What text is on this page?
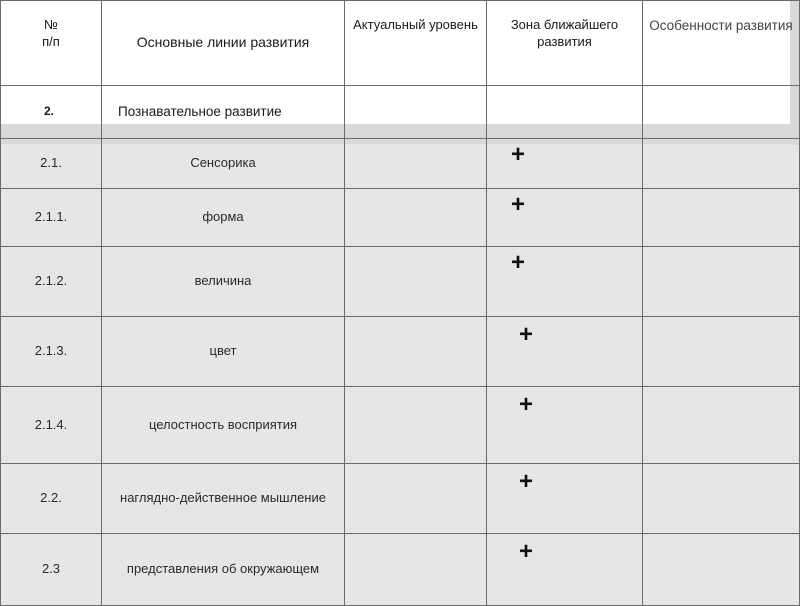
№
п/п	Основные линии развития	Актуальный уровень	Зона ближайшего развития	Особенности развития
2.	Познавательное развитие			
2.1.	Сенсорика		+	

2.1.1.	форма		+	

2.1.2.	величина		+	

2.1.3.	цвет		+	

2.1.4.	целостность восприятия		+	

2.2.	наглядно-действенное мышление		+	

2.3	представления об окружающем		+	
